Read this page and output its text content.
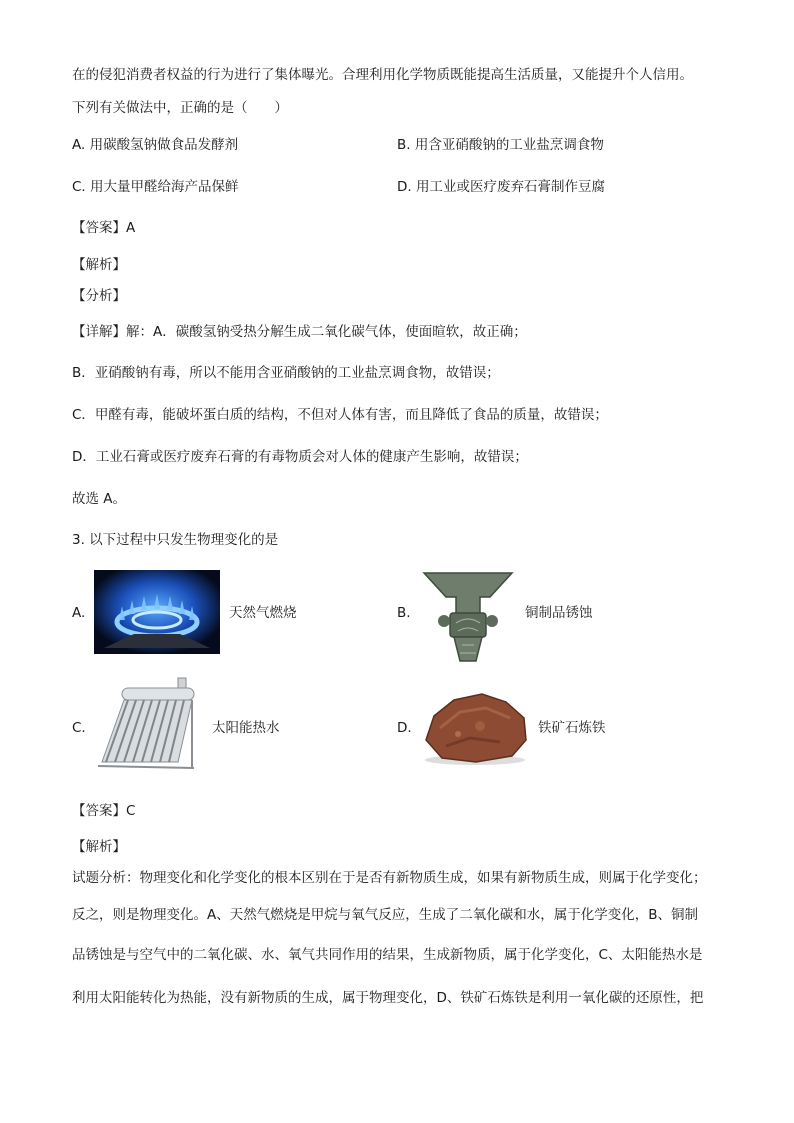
在的侵犯消费者权益的行为进行了集体曝光。合理利用化学物质既能提高生活质量，又能提升个人信用。
下列有关做法中，正确的是（　　）
A. 用碳酸氢钠做食品发酵剂	B. 用含亚硝酸钠的工业盐烹调食物
C. 用大量甲醛给海产品保鲜	D. 用工业或医疗废弃石膏制作豆腐
【答案】A
【解析】
【分析】
【详解】解：A．碳酸氢钠受热分解生成二氧化碳气体，使面暄软，故正确；
B．亚硝酸钠有毒，所以不能用含亚硝酸钠的工业盐烹调食物，故错误；
C．甲醛有毒，能破坏蛋白质的结构，不但对人体有害，而且降低了食品的质量，故错误；
D．工业石膏或医疗废弃石膏的有毒物质会对人体的健康产生影响，故错误；
故选 A。
3. 以下过程中只发生物理变化的是
A.	天然气燃烧	B.	铜制品锈蚀
C.	太阳能热水	D.	铁矿石炼铁
【答案】C
【解析】
试题分析：物理变化和化学变化的根本区别在于是否有新物质生成，如果有新物质生成，则属于化学变化；
反之，则是物理变化。A、天然气燃烧是甲烷与氧气反应，生成了二氧化碳和水，属于化学变化，B、铜制
品锈蚀是与空气中的二氧化碳、水、氧气共同作用的结果，生成新物质，属于化学变化，C、太阳能热水是
利用太阳能转化为热能，没有新物质的生成，属于物理变化，D、铁矿石炼铁是利用一氧化碳的还原性，把
